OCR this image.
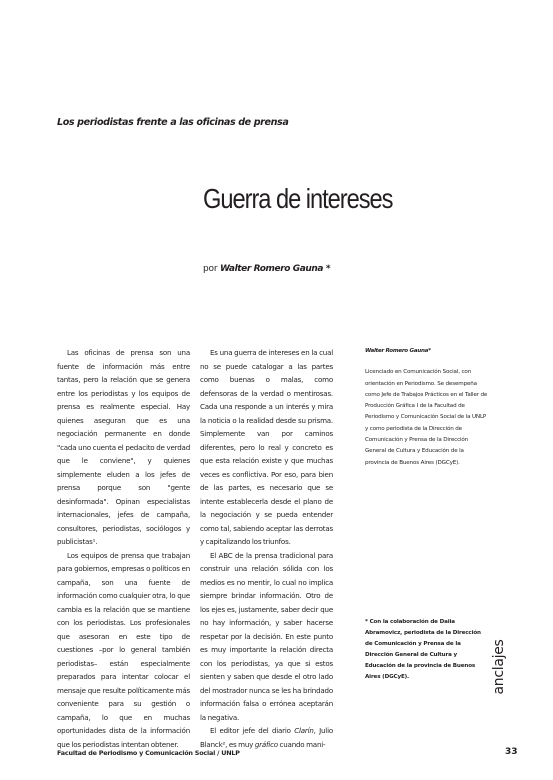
Los periodistas frente a las oficinas de prensa
Guerra de intereses
por Walter Romero Gauna *

Las oficinas de prensa son una fuente de información más entre tantas, pero la relación que se genera entre los periodistas y los equipos de prensa es realmente especial. Hay quienes aseguran que es una negociación permanente en donde "cada uno cuenta el pedacito de verdad que le conviene", y quienes simplemente eluden a los jefes de prensa porque son "gente desinformada". Opinan especialistas internacionales, jefes de campaña, consultores, periodistas, sociólogos y publicistas¹.

Los equipos de prensa que trabajan para gobiernos, empresas o políticos en campaña, son una fuente de información como cualquier otra, lo que cambia es la relación que se mantiene con los periodistas. Los profesionales que asesoran en este tipo de cuestiones –por lo general también periodistas– están especialmente preparados para intentar colocar el mensaje que resulte políticamente más conveniente para su gestión o campaña, lo que en muchas oportunidades dista de la información que los periodistas intentan obtener.

Es una guerra de intereses en la cual no se puede catalogar a las partes como buenas o malas, como defensoras de la verdad o mentirosas. Cada una responde a un interés y mira la noticia o la realidad desde su prisma. Simplemente van por caminos diferentes, pero lo real y concreto es que esta relación existe y que muchas veces es conflictiva. Por eso, para bien de las partes, es necesario que se intente establecerla desde el plano de la negociación y se pueda entender como tal, sabiendo aceptar las derrotas y capitalizando los triunfos.

El ABC de la prensa tradicional para construir una relación sólida con los medios es no mentir, lo cual no implica siempre brindar información. Otro de los ejes es, justamente, saber decir que no hay información, y saber hacerse respetar por la decisión. En este punto es muy importante la relación directa con los periodistas, ya que si estos sienten y saben que desde el otro lado del mostrador nunca se les ha brindado información falsa o errónea aceptarán la negativa.

El editor jefe del diario Clarín, Julio Blanck², es muy gráfico cuando mani-

Walter Romero Gauna*

Licenciado en Comunicación Social, con orientación en Periodismo. Se desempeña como Jefe de Trabajos Prácticos en el Taller de Producción Gráfica I de la Facultad de Periodismo y Comunicación Social de la UNLP y como periodista de la Dirección de Comunicación y Prensa de la Dirección General de Cultura y Educación de la provincia de Buenos Aires (DGCyE).

* Con la colaboración de Daiia Abramovicz, periodista de la Dirección de Comunicación y Prensa de la Dirección General de Cultura y Educación de la provincia de Buenos Aires (DGCyE).	anclajes
Facultad de Periodismo y Comunicación Social / UNLP	33
